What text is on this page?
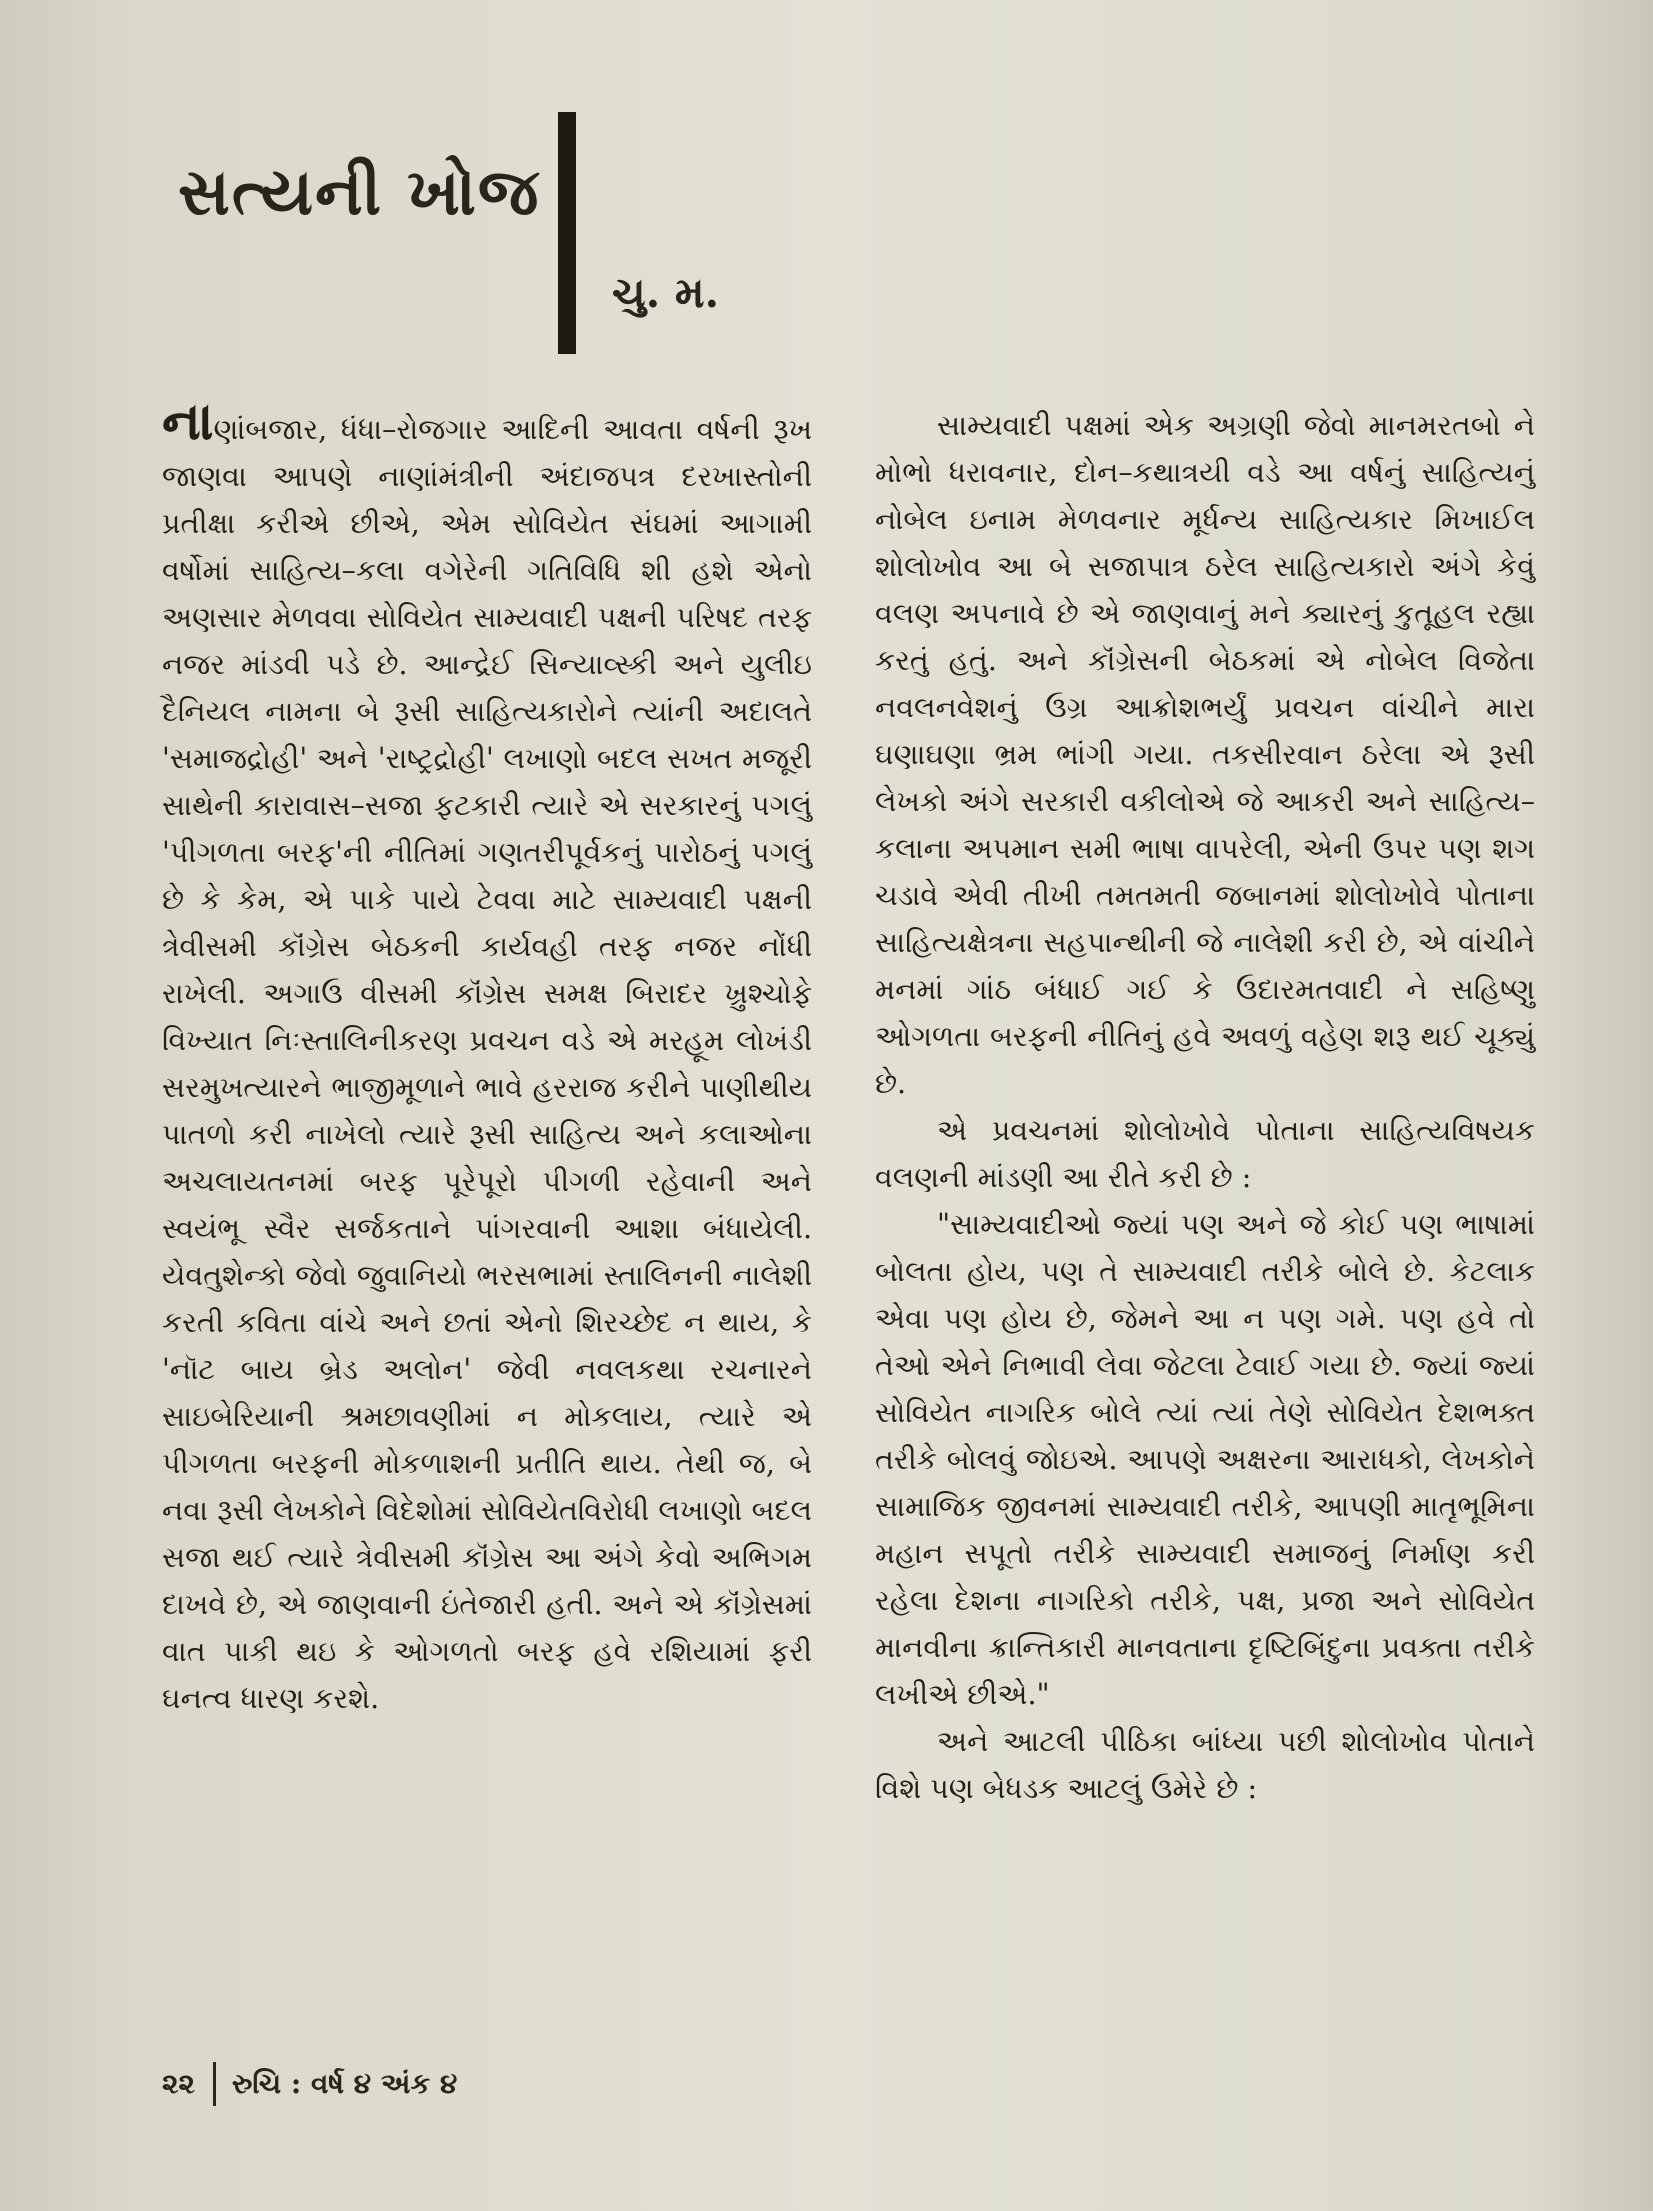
સત્યની ખોજ
ચુ. મ.

નાણાંબજાર, ધંધા–રોજગાર આદિની આવતા વર્ષની રૂખ જાણવા આપણે નાણાંમંત્રીની અંદાજપત્ર દરખાસ્તોની પ્રતીક્ષા કરીએ છીએ, એમ સોવિયેત સંઘમાં આગામી વર્ષોમાં સાહિત્ય–કલા વગેરેની ગતિવિધિ શી હશે એનો અણસાર મેળવવા સોવિયેત સામ્યવાદી પક્ષની પરિષદ તરફ નજર માંડવી પડે છે. આન્દ્રેઈ સિન્યાવ્સ્કી અને યુલીઇ દૈનિયલ નામના બે રૂસી સાહિત્યકારોને ત્યાંની અદાલતે 'સમાજદ્રોહી' અને 'રાષ્ટ્રદ્રોહી' લખાણો બદલ સખત મજૂરી સાથેની કારાવાસ–સજા ફટકારી ત્યારે એ સરકારનું પગલું 'પીગળતા બરફ'ની નીતિમાં ગણતરીપૂર્વકનું પારોઠનું પગલું છે કે કેમ, એ પાકે પાયે ટેવવા માટે સામ્યવાદી પક્ષની ત્રેવીસમી કૉંગ્રેસ બેઠકની કાર્યવહી તરફ નજર નોંધી રાખેલી. અગાઉ વીસમી કૉંગ્રેસ સમક્ષ બિરાદર ખ્રુશ્ચોફે વિખ્યાત નિઃસ્તાલિનીકરણ પ્રવચન વડે એ મરહૂમ લોખંડી સરમુખત્યારને ભાજીમૂળાને ભાવે હરરાજ કરીને પાણીથીય પાતળો કરી નાખેલો ત્યારે રૂસી સાહિત્ય અને કલાઓના અચલાયતનમાં બરફ પૂરેપૂરો પીગળી રહેવાની અને સ્વયંભૂ સ્વૈર સર્જકતાને પાંગરવાની આશા બંધાયેલી. યેવતુશેન્કો જેવો જુવાનિયો ભરસભામાં સ્તાલિનની નાલેશી કરતી કવિતા વાંચે અને છતાં એનો શિરચ્છેદ ન થાય, કે 'નૉટ બાય બ્રેડ અલોન' જેવી નવલકથા રચનારને સાઇબેરિયાની શ્રમછાવણીમાં ન મોકલાય, ત્યારે એ પીગળતા બરફની મોકળાશની પ્રતીતિ થાય. તેથી જ, બે નવા રૂસી લેખકોને વિદેશોમાં સોવિયેતવિરોધી લખાણો બદલ સજા થઈ ત્યારે ત્રેવીસમી કૉંગ્રેસ આ અંગે કેવો અભિગમ દાખવે છે, એ જાણવાની ઇંતેજારી હતી. અને એ કૉંગ્રેસમાં વાત પાકી થઇ કે ઓગળતો બરફ હવે રશિયામાં ફરી ઘનત્વ ધારણ કરશે.

સામ્યવાદી પક્ષમાં એક અગ્રણી જેવો માનમરતબો ને મોભો ધરાવનાર, દોન–કથાત્રયી વડે આ વર્ષનું સાહિત્યનું નોબેલ ઇનામ મેળવનાર મૂર્ધન્ય સાહિત્યકાર મિખાઈલ શોલોખોવ આ બે સજાપાત્ર ઠરેલ સાહિત્યકારો અંગે કેવું વલણ અપનાવે છે એ જાણવાનું મને ક્યારનું કુતૂહલ રહ્યા કરતું હતું. અને કૉંગ્રેસની બેઠકમાં એ નોબેલ વિજેતા નવલનવેશનું ઉગ્ર આક્રોશભર્યું પ્રવચન વાંચીને મારા ઘણાઘણા ભ્રમ ભાંગી ગયા. તકસીરવાન ઠરેલા એ રૂસી લેખકો અંગે સરકારી વકીલોએ જે આકરી અને સાહિત્ય–કલાના અપમાન સમી ભાષા વાપરેલી, એની ઉપર પણ શગ ચડાવે એવી તીખી તમતમતી જબાનમાં શોલોખોવે પોતાના સાહિત્યક્ષેત્રના સહપાન્થીની જે નાલેશી કરી છે, એ વાંચીને મનમાં ગાંઠ બંધાઈ ગઈ કે ઉદારમતવાદી ને સહિષ્ણુ ઓગળતા બરફની નીતિનું હવે અવળું વહેણ શરૂ થઈ ચૂક્યું છે.

એ પ્રવચનમાં શોલોખોવે પોતાના સાહિત્યવિષયક વલણની માંડણી આ રીતે કરી છે :

"સામ્યવાદીઓ જ્યાં પણ અને જે કોઈ પણ ભાષામાં બોલતા હોય, પણ તે સામ્યવાદી તરીકે બોલે છે. કેટલાક એવા પણ હોય છે, જેમને આ ન પણ ગમે. પણ હવે તો તેઓ એને નિભાવી લેવા જેટલા ટેવાઈ ગયા છે. જ્યાં જ્યાં સોવિયેત નાગરિક બોલે ત્યાં ત્યાં તેણે સોવિયેત દેશભક્ત તરીકે બોલવું જોઇએ. આપણે અક્ષરના આરાધકો, લેખકોને સામાજિક જીવનમાં સામ્યવાદી તરીકે, આપણી માતૃભૂમિના મહાન સપૂતો તરીકે સામ્યવાદી સમાજનું નિર્માણ કરી રહેલા દેશના નાગરિકો તરીકે, પક્ષ, પ્રજા અને સોવિયેત માનવીના ક્રાન્તિકારી માનવતાના દૃષ્ટિબિંદુના પ્રવક્તા તરીકે લખીએ છીએ."

અને આટલી પીઠિકા બાંધ્યા પછી શોલોખોવ પોતાને વિશે પણ બેધડક આટલું ઉમેરે છે :

૨૨ રુચિ : વર્ષ ૪ અંક ૪
